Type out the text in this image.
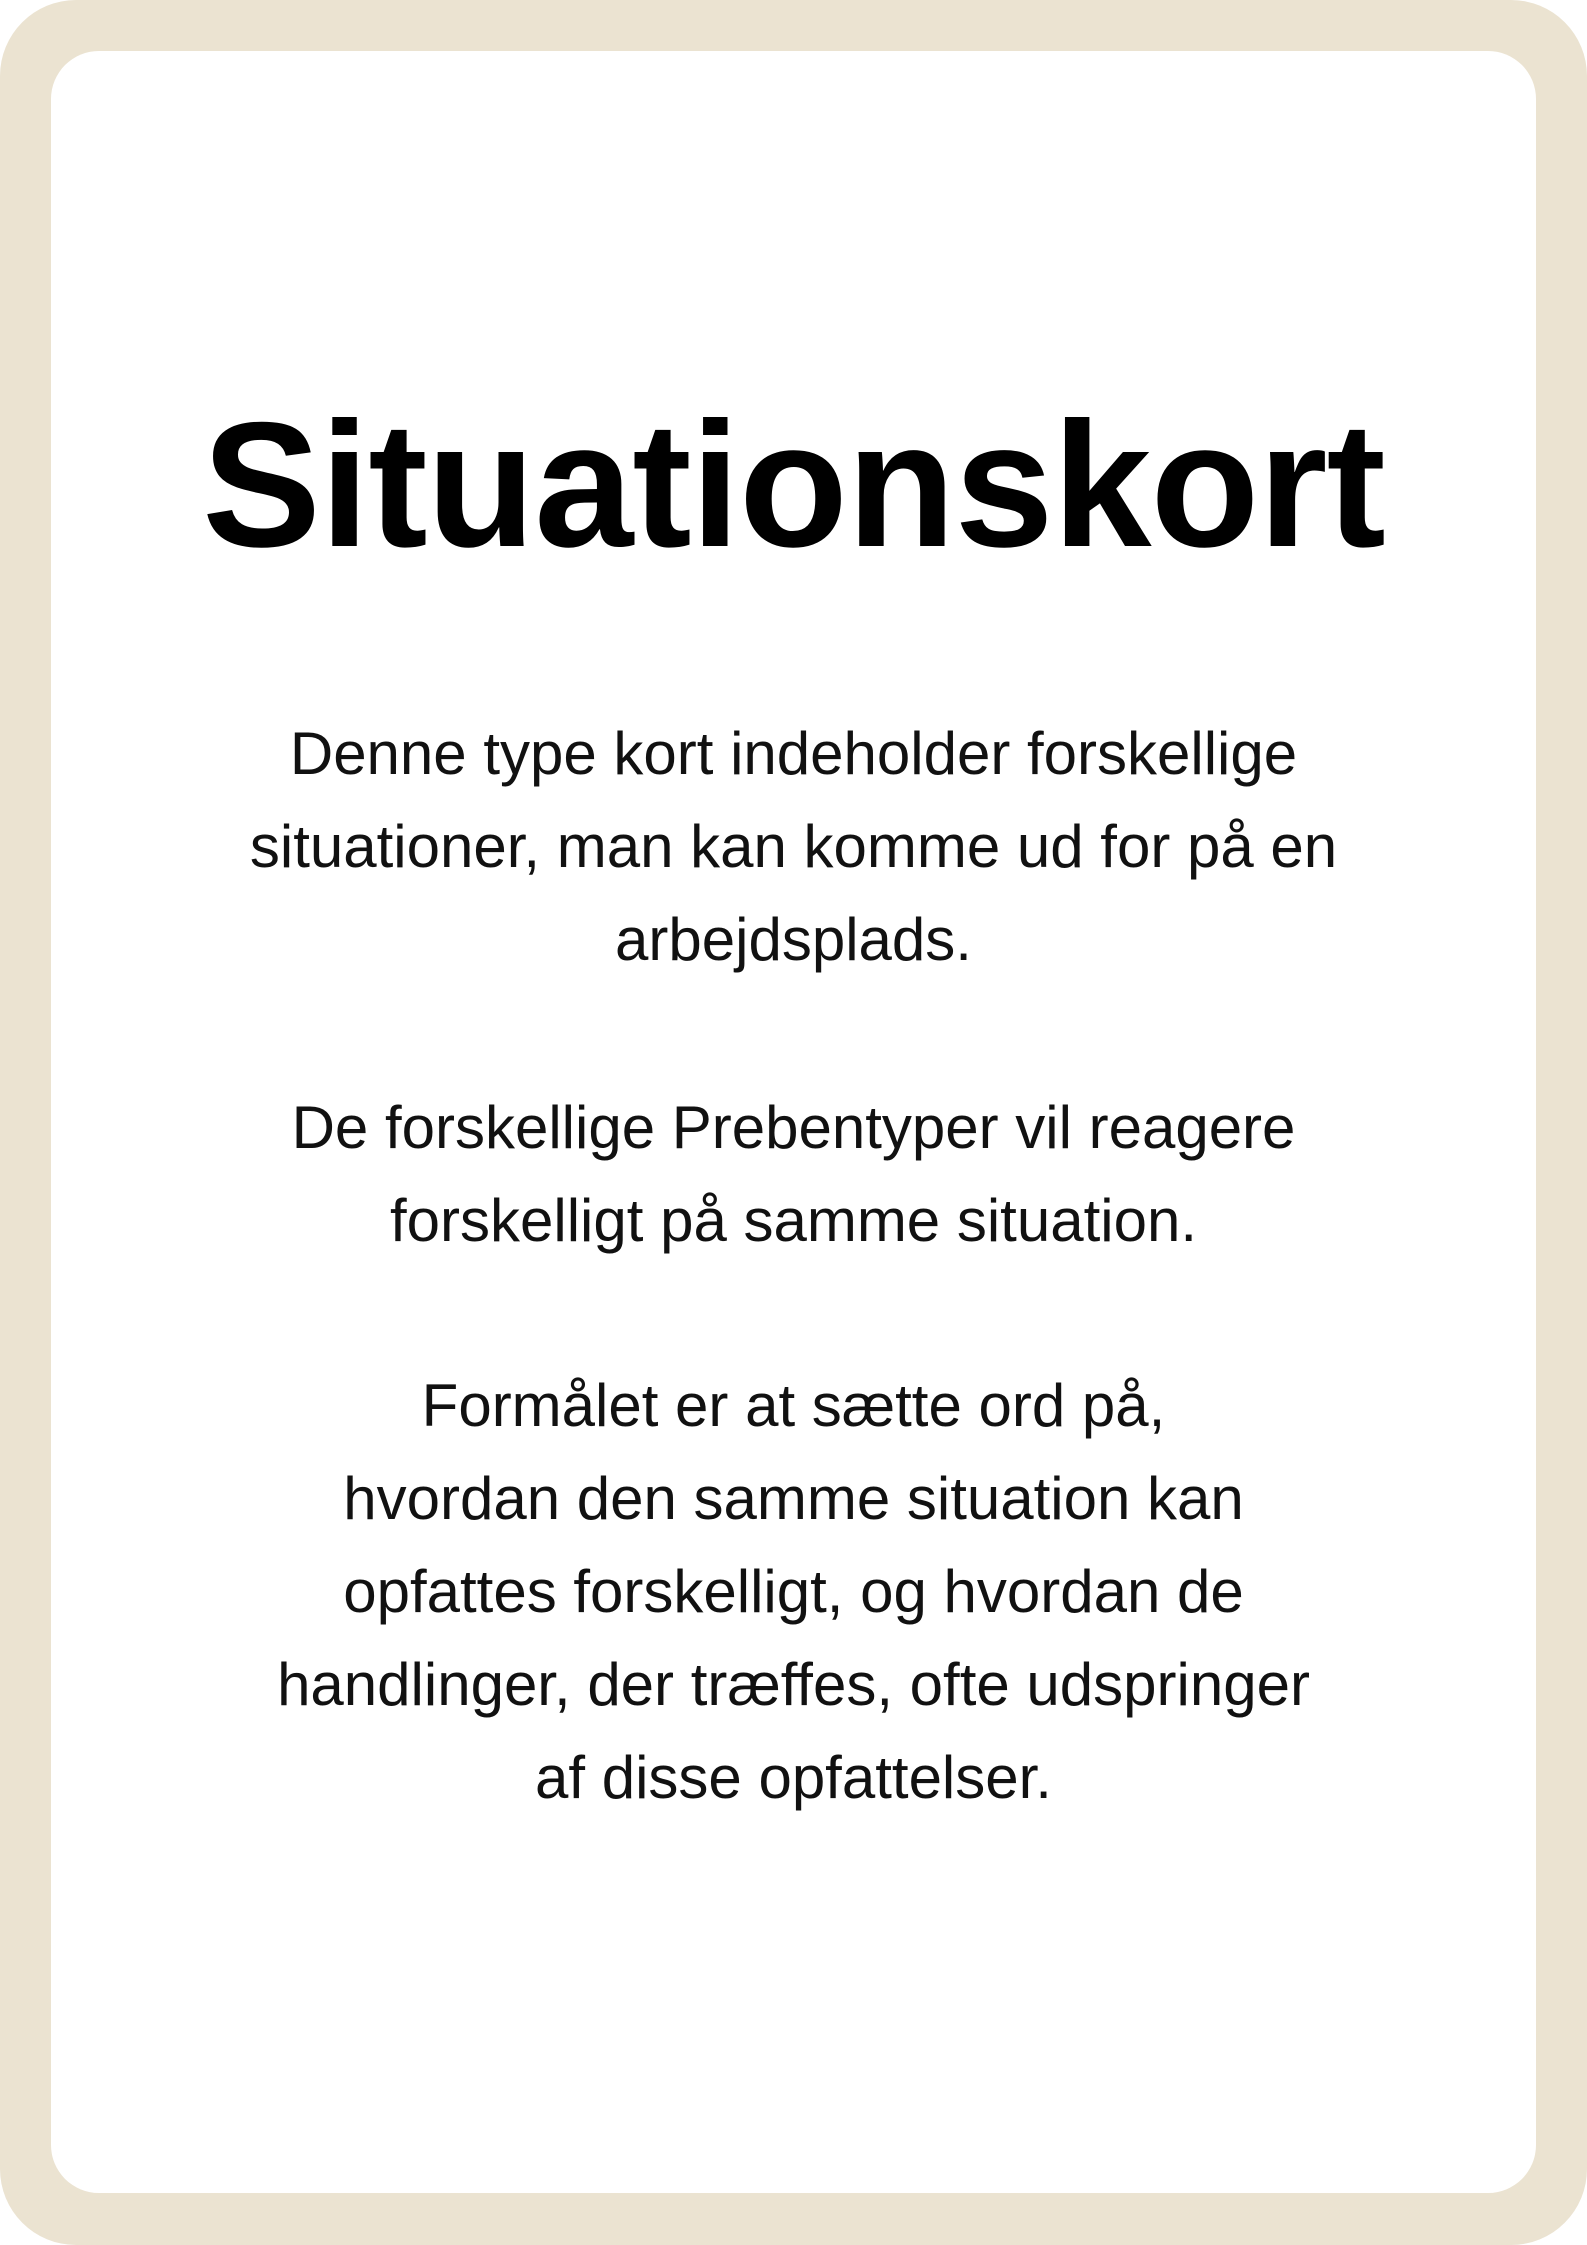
Situationskort

Denne type kort indeholder forskellige
situationer, man kan komme ud for på en
arbejdsplads.

De forskellige Prebentyper vil reagere
forskelligt på samme situation.

Formålet er at sætte ord på,
hvordan den samme situation kan
opfattes forskelligt, og hvordan de
handlinger, der træffes, ofte udspringer
af disse opfattelser.
